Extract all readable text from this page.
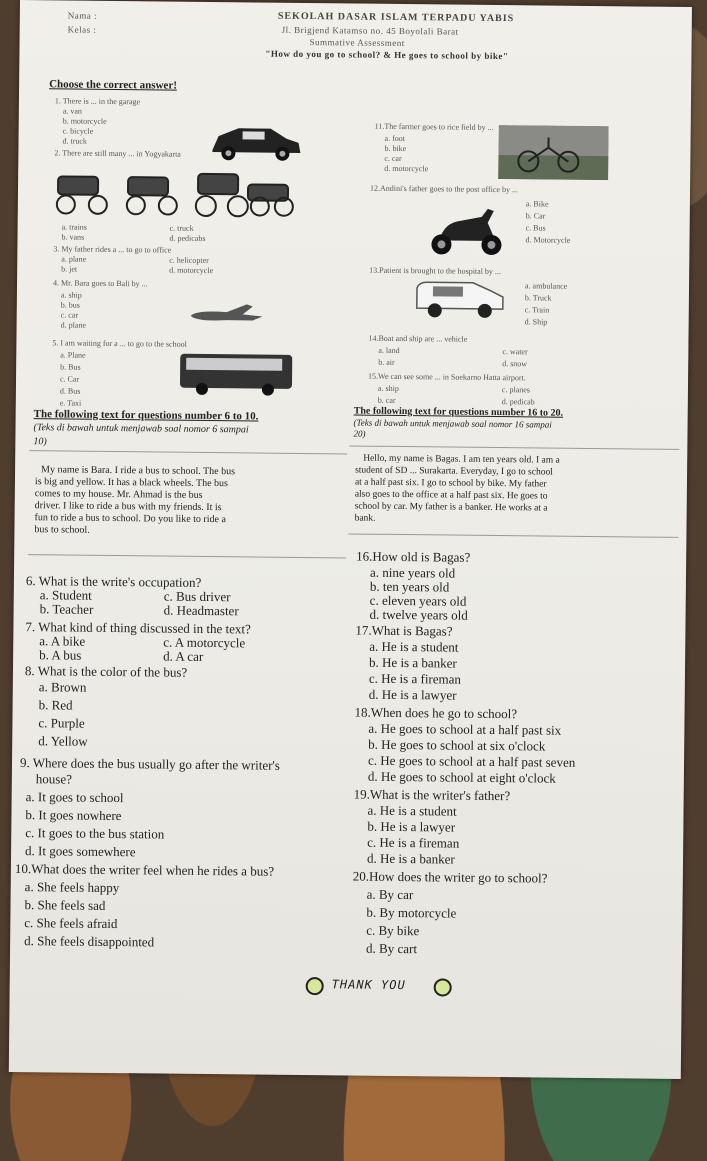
Nama :
Kelas :
SEKOLAH DASAR ISLAM TERPADU YABIS
Jl. Brigjend Katamso no. 45 Boyolali Barat
Summative Assessment
"How do you go to school? & He goes to school by bike"
Choose the correct answer!
1. There is ... in the garage
a. van
b. motorcycle
c. bicycle
d. truck
2. There are still many ... in Yogyakarta
a. trains	c. truck
b. vans	d. pedicabs
3. My father rides a ... to go to office
a. plane	c. helicopter
b. jet	d. motorcycle
4. Mr. Bara goes to Bali by ...
a. ship
b. bus
c. car
d. plane
5. I am waiting for a ... to go to the school
a. Plane
b. Bus
c. Car
d. Bus
e. Taxi
11.The farmer goes to rice field by ...
a. foot
b. bike
c. car
d. motorcycle
12.Andini's father goes to the post office by ...
a. Bike
b. Car
c. Bus
d. Motorcycle
13.Patient is brought to the hospital by ...
a. ambulance
b. Truck
c. Train
d. Ship
14.Boat and ship are ... vehicle
a. land	c. water
b. air	d. snow
15.We can see some ... in Soekarno Hatta airport.
a. ship	c. planes
b. car	d. pedicab
The following text for questions number 6 to 10.
(Teks di bawah untuk menjawab soal nomor 6 sampai
10)
The following text for questions number 16 to 20.
(Teks di bawah untuk menjawab soal nomor 16 sampai
20)
My name is Bara. I ride a bus to school. The bus
is big and yellow. It has a black wheels. The bus
comes to my house. Mr. Ahmad is the bus
driver. I like to ride a bus with my friends. It is
fun to ride a bus to school. Do you like to ride a
bus to school.
Hello, my name is Bagas. I am ten years old. I am a
student of SD ... Surakarta. Everyday, I go to school
at a half past six. I go to school by bike. My father
also goes to the office at a half past six. He goes to
school by car. My father is a banker. He works at a
bank.
6. What is the write's occupation?
a. Student	c. Bus driver
b. Teacher	d. Headmaster
7. What kind of thing discussed in the text?
a. A bike	c. A motorcycle
b. A bus	d. A car
8. What is the color of the bus?
a. Brown
b. Red
c. Purple
d. Yellow
9. Where does the bus usually go after the writer's
house?
a. It goes to school
b. It goes nowhere
c. It goes to the bus station
d. It goes somewhere
10.What does the writer feel when he rides a bus?
a. She feels happy
b. She feels sad
c. She feels afraid
d. She feels disappointed
16.How old is Bagas?
a. nine years old
b. ten years old
c. eleven years old
d. twelve years old
17.What is Bagas?
a. He is a student
b. He is a banker
c. He is a fireman
d. He is a lawyer
18.When does he go to school?
a. He goes to school at a half past six
b. He goes to school at six o'clock
c. He goes to school at a half past seven
d. He goes to school at eight o'clock
19.What is the writer's father?
a. He is a student
b. He is a lawyer
c. He is a fireman
d. He is a banker
20.How does the writer go to school?
a. By car
b. By motorcycle
c. By bike
d. By cart
THANK YOU
